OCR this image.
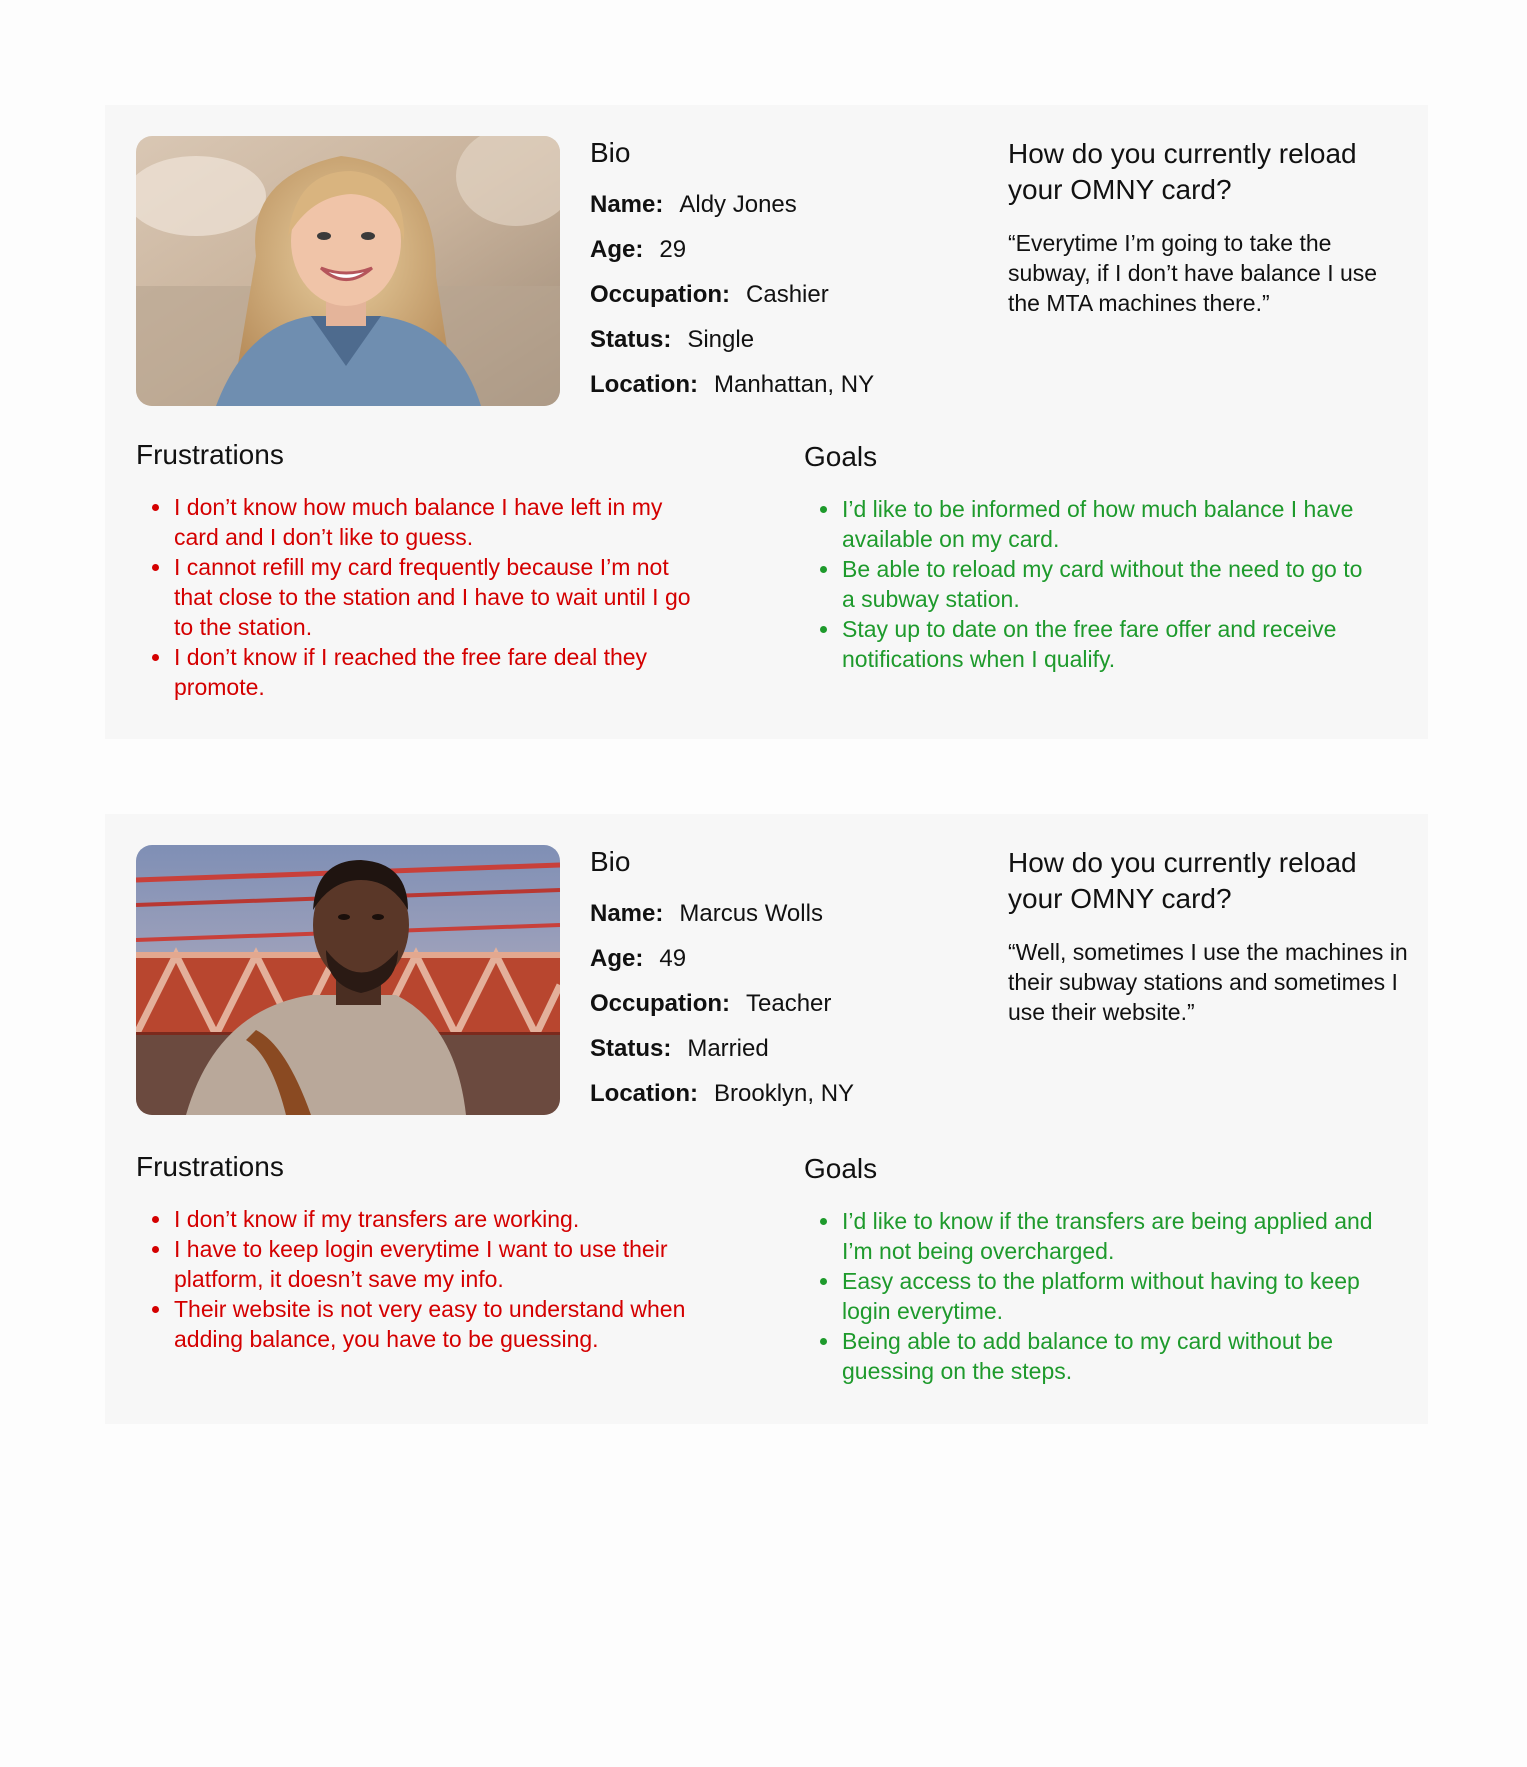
Bio
Name: Aldy Jones
Age: 29
Occupation: Cashier
Status: Single
Location: Manhattan, NY
How do you currently reload your OMNY card?

“Everytime I’m going to take the subway, if I don’t have balance I use the MTA machines there.”

Frustrations
I don’t know how much balance I have left in my card and I don’t like to guess.
I cannot refill my card frequently because I’m not that close to the station and I have to wait until I go to the station.
I don’t know if I reached the free fare deal they promote.
Goals
I’d like to be informed of how much balance I have available on my card.
Be able to reload my card without the need to go to a subway station.
Stay up to date on the free fare offer and receive notifications when I qualify.
Bio
Name: Marcus Wolls
Age: 49
Occupation: Teacher
Status: Married
Location: Brooklyn, NY
How do you currently reload your OMNY card?

“Well, sometimes I use the machines in their subway stations and sometimes I use their website.”

Frustrations
I don’t know if my transfers are working.
I have to keep login everytime I want to use their platform, it doesn’t save my info.
Their website is not very easy to understand when adding balance, you have to be guessing.
Goals
I’d like to know if the transfers are being applied and I’m not being overcharged.
Easy access to the platform without having to keep login everytime.
Being able to add balance to my card without be guessing on the steps.
